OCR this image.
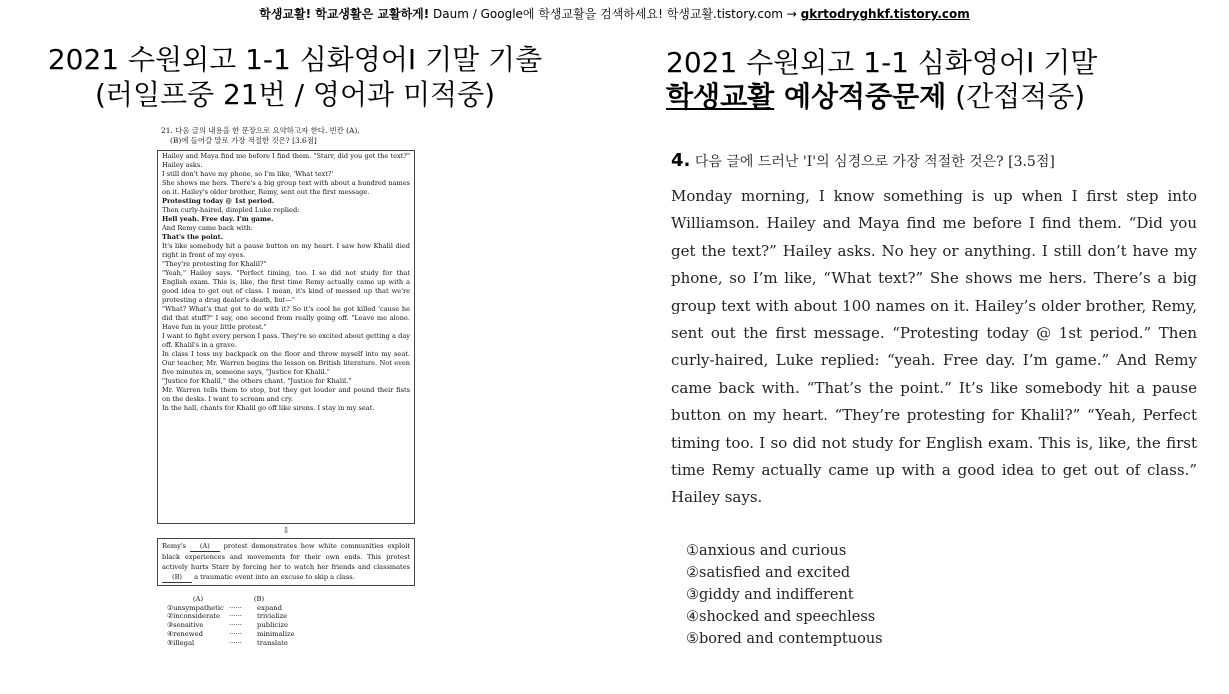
학생교활! 학교생활은 교활하게! Daum / Google에 학생교활을 검색하세요! 학생교활.tistory.com → gkrtodryghkf.tistory.com
2021 수원외고 1-1 심화영어I 기말 기출
(러일프중 21번 / 영어과 미적중)
2021 수원외고 1-1 심화영어I 기말
학생교활 예상적중문제 (간접적중)
21. 다음 글의 내용을 한 문장으로 요약하고자 한다. 빈칸 (A),
(B)에 들어갈 말로 가장 적절한 것은? [3.6점]
Hailey and Maya find me before I find them. "Starr, did you get the text?" Hailey asks.
I still don't have my phone, so I'm like, 'What text?'
She shows me hers. There's a big group text with about a hundred names on it. Hailey's older brother, Remy, sent out the first message.
Protesting today @ 1st period.
Then curly-haired, dimpled Luke replied:
Hell yeah. Free day. I'm game.
And Remy came back with:
That's the point.
It's like somebody hit a pause button on my heart. I saw how Khalil died right in front of my eyes.
"They're protesting for Khalil?"
"Yeah," Hailey says. "Perfect timing, too. I so did not study for that English exam. This is, like, the first time Remy actually came up with a good idea to get out of class. I mean, it's kind of messed up that we're protesting a drug dealer's death, but—"
"What? What's that got to do with it? So it's cool he got killed 'cause he did that stuff?" I say, one second from really going off. "Leave me alone. Have fun in your little protest."
I want to fight every person I pass. They're so excited about getting a day off. Khalil's in a grave.
In class I toss my backpack on the floor and throw myself into my seat. Our teacher, Mr. Warren begins the lesson on British literature. Not even five minutes in, someone says, "Justice for Khalil."
"Justice for Khalil," the others chant. "Justice for Khalil."
Mr. Warren tells them to stop, but they get louder and pound their fists on the desks. I want to scream and cry.
In the hall, chants for Khalil go off like sirens. I stay in my seat.
⇩
Remy's (A) protest demonstrates how white communities exploit black experiences and movements for their own ends. This protest actively hurts Starr by forcing her to watch her friends and classmates (B) a traumatic event into an excuse to skip a class.
(A)	(B)
①unsympathetic ······	expand
②inconsiderate	······	trivialize
③sensitive	······	publicize
④renewed	······	minimalize
⑤illegal	······	translate
4. 다음 글에 드러난 'I'의 심경으로 가장 적절한 것은? [3.5점]
Monday morning, I know something is up when I first step into Williamson. Hailey and Maya find me before I find them. “Did you get the text?” Hailey asks. No hey or anything. I still don’t have my phone, so I’m like, “What text?” She shows me hers. There’s a big group text with about 100 names on it. Hailey’s older brother, Remy, sent out the first message. “Protesting today @ 1st period.” Then curly-haired, Luke replied: “yeah. Free day. I’m game.” And Remy came back with. “That’s the point.” It’s like somebody hit a pause button on my heart. “They’re protesting for Khalil?” “Yeah, Perfect timing too. I so did not study for English exam. This is, like, the first time Remy actually came up with a good idea to get out of class.” Hailey says.
①anxious and curious
②satisfied and excited
③giddy and indifferent
④shocked and speechless
⑤bored and contemptuous
